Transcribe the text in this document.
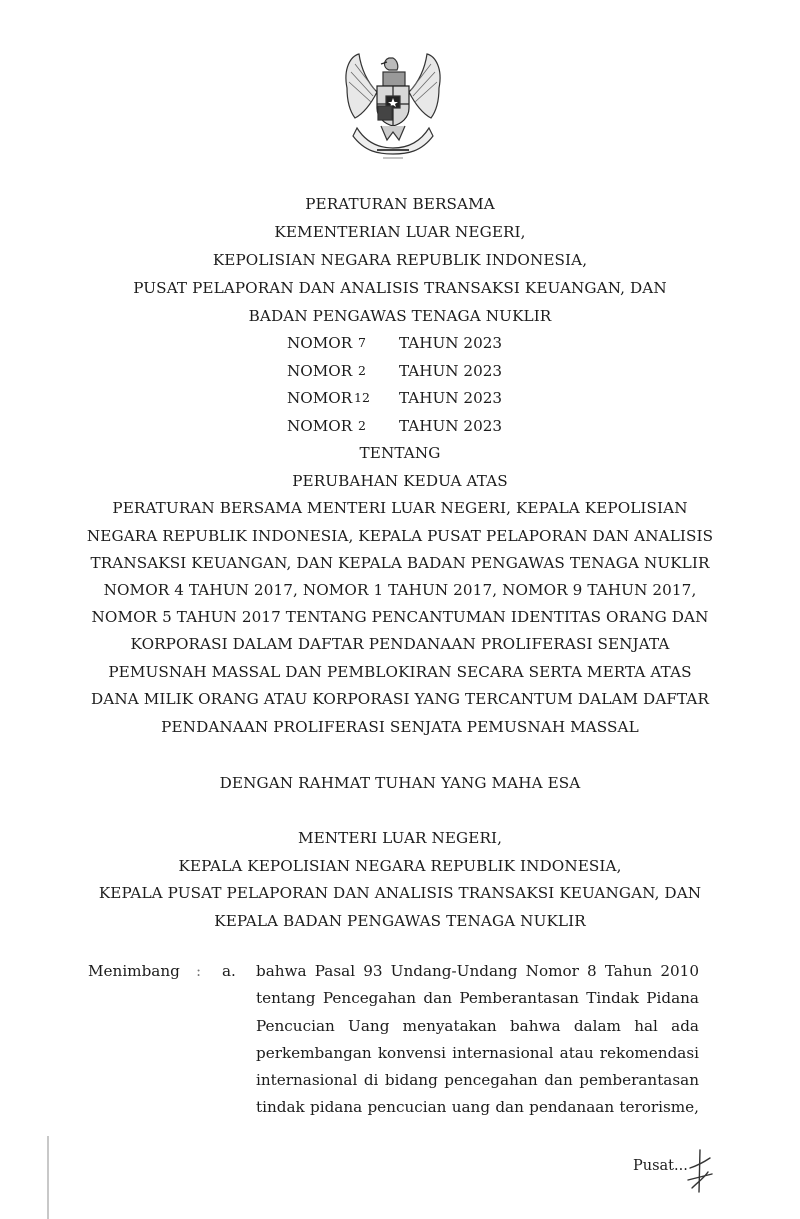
PERATURAN BERSAMA
KEMENTERIAN LUAR NEGERI,
KEPOLISIAN NEGARA REPUBLIK INDONESIA,
PUSAT PELAPORAN DAN ANALISIS TRANSAKSI KEUANGAN, DAN
BADAN PENGAWAS TENAGA NUKLIR
NOMOR 7	TAHUN 2023
NOMOR 2	TAHUN 2023
NOMOR 12	TAHUN 2023
NOMOR 2	TAHUN 2023
TENTANG
PERUBAHAN KEDUA ATAS
PERATURAN BERSAMA MENTERI LUAR NEGERI, KEPALA KEPOLISIAN
NEGARA REPUBLIK INDONESIA, KEPALA PUSAT PELAPORAN DAN ANALISIS
TRANSAKSI KEUANGAN, DAN KEPALA BADAN PENGAWAS TENAGA NUKLIR
NOMOR 4 TAHUN 2017, NOMOR 1 TAHUN 2017, NOMOR 9 TAHUN 2017,
NOMOR 5 TAHUN 2017 TENTANG PENCANTUMAN IDENTITAS ORANG DAN
KORPORASI DALAM DAFTAR PENDANAAN PROLIFERASI SENJATA
PEMUSNAH MASSAL DAN PEMBLOKIRAN SECARA SERTA MERTA ATAS
DANA MILIK ORANG ATAU KORPORASI YANG TERCANTUM DALAM DAFTAR
PENDANAAN PROLIFERASI SENJATA PEMUSNAH MASSAL
DENGAN RAHMAT TUHAN YANG MAHA ESA
MENTERI LUAR NEGERI,
KEPALA KEPOLISIAN NEGARA REPUBLIK INDONESIA,
KEPALA PUSAT PELAPORAN DAN ANALISIS TRANSAKSI KEUANGAN, DAN
KEPALA BADAN PENGAWAS TENAGA NUKLIR
Menimbang : a. bahwa Pasal 93 Undang-Undang Nomor 8 Tahun 2010
tentang Pencegahan dan Pemberantasan Tindak Pidana
Pencucian Uang menyatakan bahwa dalam hal ada
perkembangan konvensi internasional atau rekomendasi
internasional di bidang pencegahan dan pemberantasan
tindak pidana pencucian uang dan pendanaan terorisme,
Pusat...
